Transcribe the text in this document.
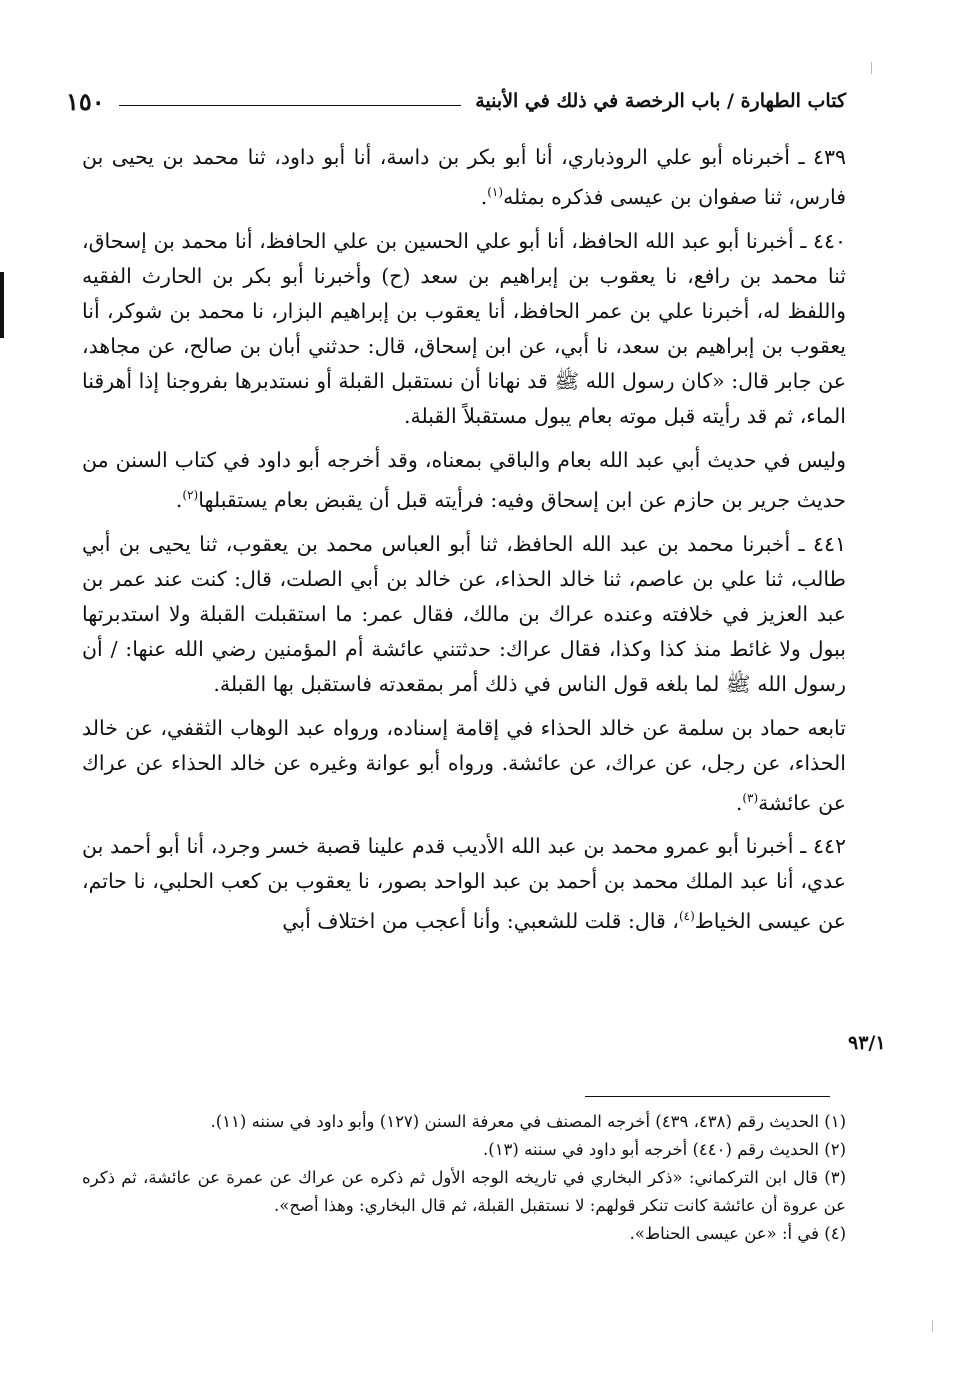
١٥٠	كتاب الطهارة / باب الرخصة في ذلك في الأبنية

٤٣٩ ـ أخبرناه أبو علي الروذباري، أنا أبو بكر بن داسة، أنا أبو داود، ثنا محمد بن يحيى بن فارس، ثنا صفوان بن عيسى فذكره بمثله$^{(١)}$.

٤٤٠ ـ أخبرنا أبو عبد الله الحافظ، أنا أبو علي الحسين بن علي الحافظ، أنا محمد بن إسحاق، ثنا محمد بن رافع، نا يعقوب بن إبراهيم بن سعد (ح) وأخبرنا أبو بكر بن الحارث الفقيه واللفظ له، أخبرنا علي بن عمر الحافظ، أنا يعقوب بن إبراهيم البزار، نا محمد بن شوكر، أنا يعقوب بن إبراهيم بن سعد، نا أبي، عن ابن إسحاق، قال: حدثني أبان بن صالح، عن مجاهد، عن جابر قال: «كان رسول الله ﷺ قد نهانا أن نستقبل القبلة أو نستدبرها بفروجنا إذا أهرقنا الماء، ثم قد رأيته قبل موته بعام يبول مستقبلاً القبلة.

وليس في حديث أبي عبد الله بعام والباقي بمعناه، وقد أخرجه أبو داود في كتاب السنن من حديث جرير بن حازم عن ابن إسحاق وفيه: فرأيته قبل أن يقبض بعام يستقبلها$^{(٢)}$.

٤٤١ ـ أخبرنا محمد بن عبد الله الحافظ، ثنا أبو العباس محمد بن يعقوب، ثنا يحيى بن أبي طالب، ثنا علي بن عاصم، ثنا خالد الحذاء، عن خالد بن أبي الصلت، قال: كنت عند عمر بن عبد العزيز في خلافته وعنده عراك بن مالك، فقال عمر: ما استقبلت القبلة ولا استدبرتها ببول ولا غائط منذ كذا وكذا، فقال عراك: حدثتني عائشة أم المؤمنين رضي الله عنها: / أن رسول الله ﷺ لما بلغه قول الناس في ذلك أمر بمقعدته فاستقبل بها القبلة.

تابعه حماد بن سلمة عن خالد الحذاء في إقامة إسناده، ورواه عبد الوهاب الثقفي، عن خالد الحذاء، عن رجل، عن عراك، عن عائشة. ورواه أبو عوانة وغيره عن خالد الحذاء عن عراك عن عائشة$^{(٣)}$.

٤٤٢ ـ أخبرنا أبو عمرو محمد بن عبد الله الأديب قدم علينا قصبة خسر وجرد، أنا أبو أحمد بن عدي، أنا عبد الملك محمد بن أحمد بن عبد الواحد بصور، نا يعقوب بن كعب الحلبي، نا حاتم، عن عيسى الخياط$^{(٤)}$، قال: قلت للشعبي: وأنا أعجب من اختلاف أبي

٩٣/١

(١) الحديث رقم (٤٣٨، ٤٣٩) أخرجه المصنف في معرفة السنن (١٢٧) وأبو داود في سننه (١١).

(٢) الحديث رقم (٤٤٠) أخرجه أبو داود في سننه (١٣).

(٣) قال ابن التركماني: «ذكر البخاري في تاريخه الوجه الأول ثم ذكره عن عراك عن عمرة عن عائشة، ثم ذكره عن عروة أن عائشة كانت تنكر قولهم: لا نستقبل القبلة، ثم قال البخاري: وهذا أصح».

(٤) في أ: «عن عيسى الحناط».
